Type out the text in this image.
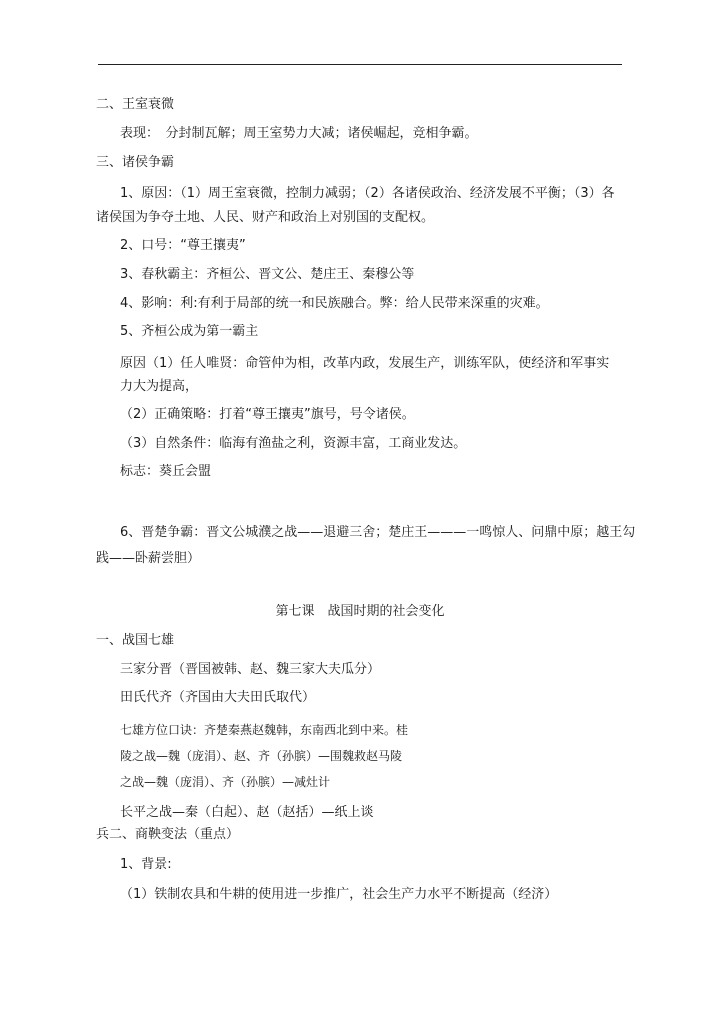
二、王室衰微
表现：　分封制瓦解；周王室势力大减；诸侯崛起，竞相争霸。
三、诸侯争霸
1、原因：（1）周王室衰微，控制力减弱；（2）各诸侯政治、经济发展不平衡；（3）各
诸侯国为争夺土地、人民、财产和政治上对别国的支配权。
2、口号：“尊王攘夷”
3、春秋霸主：齐桓公、晋文公、楚庄王、秦穆公等
4、影响：利:有利于局部的统一和民族融合。弊：给人民带来深重的灾难。
5、齐桓公成为第一霸主
原因（1）任人唯贤：命管仲为相，改革内政，发展生产，训练军队，使经济和军事实
力大为提高，
（2）正确策略：打着“尊王攘夷”旗号，号令诸侯。
（3）自然条件：临海有渔盐之利，资源丰富，工商业发达。
标志：葵丘会盟
6、晋楚争霸：晋文公城濮之战——退避三舍；楚庄王———一鸣惊人、问鼎中原；越王勾
践——卧薪尝胆）
第七课　战国时期的社会变化
一、战国七雄
三家分晋（晋国被韩、赵、魏三家大夫瓜分）
田氏代齐（齐国由大夫田氏取代）
七雄方位口诀：齐楚秦燕赵魏韩，东南西北到中来。桂
陵之战—魏（庞涓）、赵、齐（孙膑）—围魏救赵马陵
之战—魏（庞涓）、齐（孙膑）—减灶计
长平之战—秦（白起）、赵（赵括）—纸上谈
兵二、商鞅变法（重点）
1、背景:
（1）铁制农具和牛耕的使用进一步推广，社会生产力水平不断提高（经济）
